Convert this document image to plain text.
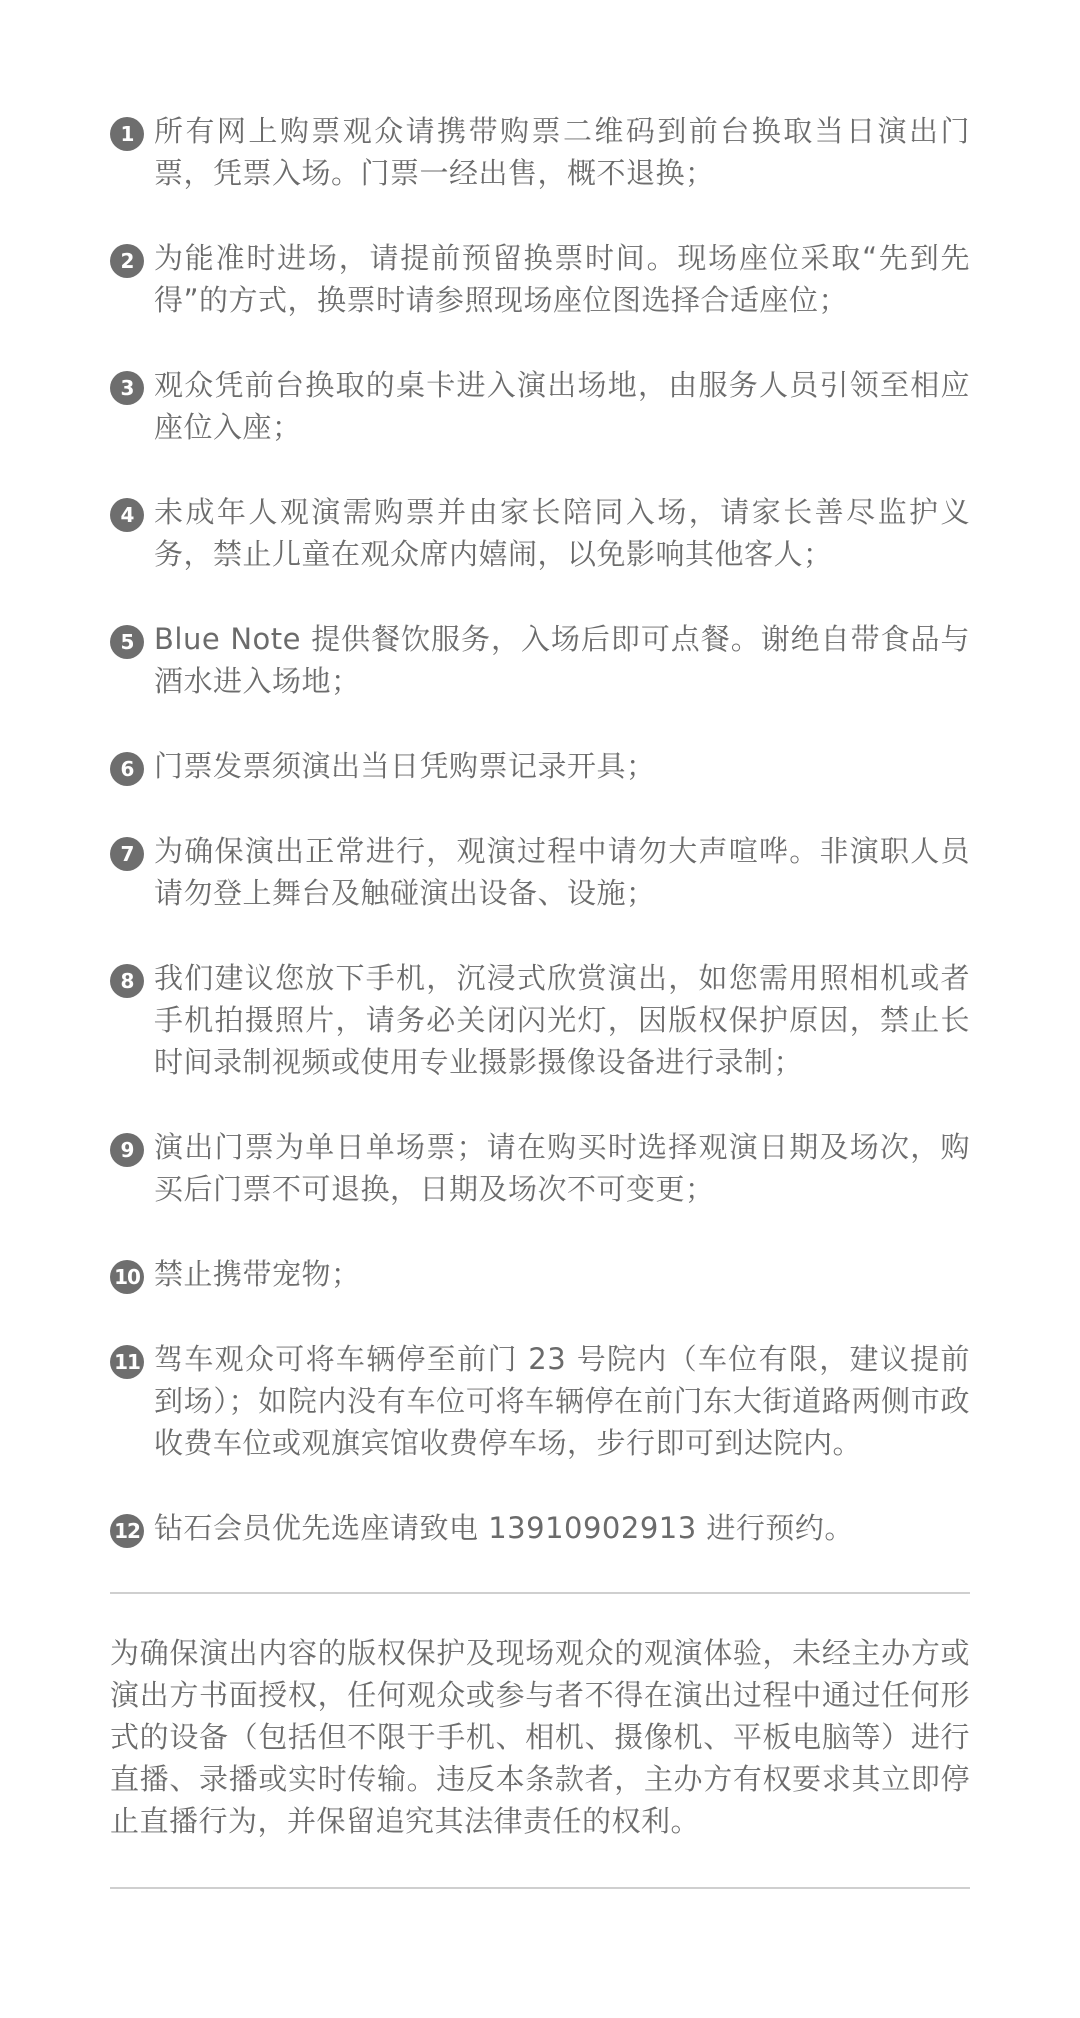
1 所有网上购票观众请携带购票二维码到前台换取当日演出门票，凭票入场。门票一经出售，概不退换；
2 为能准时进场，请提前预留换票时间。现场座位采取“先到先得”的方式，换票时请参照现场座位图选择合适座位；
3 观众凭前台换取的桌卡进入演出场地，由服务人员引领至相应座位入座；
4 未成年人观演需购票并由家长陪同入场，请家长善尽监护义务，禁止儿童在观众席内嬉闹，以免影响其他客人；
5 Blue Note 提供餐饮服务，入场后即可点餐。谢绝自带食品与酒水进入场地；
6 门票发票须演出当日凭购票记录开具；
7 为确保演出正常进行，观演过程中请勿大声喧哗。非演职人员请勿登上舞台及触碰演出设备、设施；
8 我们建议您放下手机，沉浸式欣赏演出，如您需用照相机或者手机拍摄照片，请务必关闭闪光灯，因版权保护原因，禁止长时间录制视频或使用专业摄影摄像设备进行录制；
9 演出门票为单日单场票；请在购买时选择观演日期及场次，购买后门票不可退换，日期及场次不可变更；
10 禁止携带宠物；
11 驾车观众可将车辆停至前门 23 号院内（车位有限，建议提前到场）；如院内没有车位可将车辆停在前门东大街道路两侧市政收费车位或观旗宾馆收费停车场，步行即可到达院内。
12 钻石会员优先选座请致电 13910902913 进行预约。

为确保演出内容的版权保护及现场观众的观演体验，未经主办方或演出方书面授权，任何观众或参与者不得在演出过程中通过任何形式的设备（包括但不限于手机、相机、摄像机、平板电脑等）进行直播、录播或实时传输。违反本条款者，主办方有权要求其立即停止直播行为，并保留追究其法律责任的权利。
